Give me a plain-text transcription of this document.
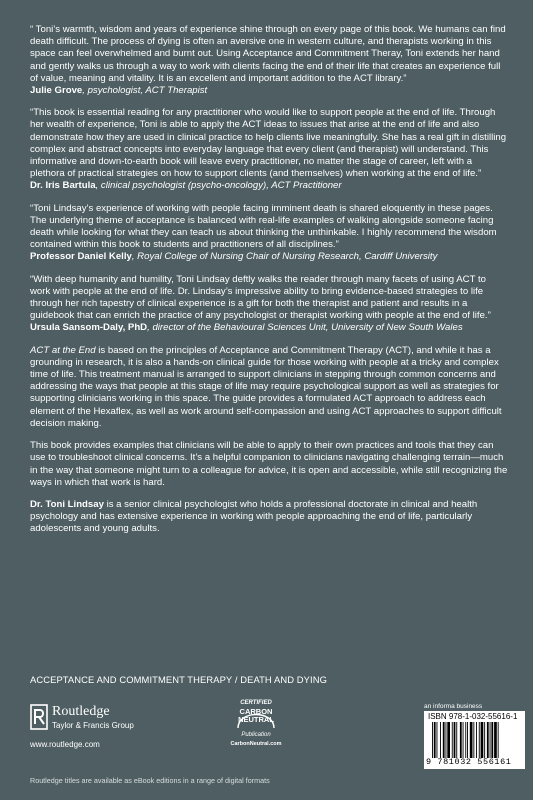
“ Toni’s warmth, wisdom and years of experience shine through on every page of this book. We humans can find death difficult. The process of dying is often an aversive one in western culture, and therapists working in this space can feel overwhelmed and burnt out. Using Acceptance and Commitment Theray, Toni extends her hand and gently walks us through a way to work with clients facing the end of their life that creates an experience full of value, meaning and vitality. It is an excellent and important addition to the ACT library.”
Julie Grove, psychologist, ACT Therapist
“This book is essential reading for any practitioner who would like to support people at the end of life. Through her wealth of experience, Toni is able to apply the ACT ideas to issues that arise at the end of life and also demonstrate how they are used in clinical practice to help clients live meaningfully. She has a real gift in distilling complex and abstract concepts into everyday language that every client (and therapist) will understand. This informative and down-to-earth book will leave every practitioner, no matter the stage of career, left with a plethora of practical strategies on how to support clients (and themselves) when working at the end of life.”
Dr. Iris Bartula, clinical psychologist (psycho-oncology), ACT Practitioner
“Toni Lindsay’s experience of working with people facing imminent death is shared eloquently in these pages. The underlying theme of acceptance is balanced with real-life examples of walking alongside someone facing death while looking for what they can teach us about thinking the unthinkable. I highly recommend the wisdom contained within this book to students and practitioners of all disciplines.”
Professor Daniel Kelly, Royal College of Nursing Chair of Nursing Research, Cardiff University
“With deep humanity and humility, Toni Lindsay deftly walks the reader through many facets of using ACT to work with people at the end of life. Dr. Lindsay’s impressive ability to bring evidence-based strategies to life through her rich tapestry of clinical experience is a gift for both the therapist and patient and results in a guidebook that can enrich the practice of any psychologist or therapist working with people at the end of life.”
Ursula Sansom-Daly, PhD, director of the Behavioural Sciences Unit, University of New South Wales

ACT at the End is based on the principles of Acceptance and Commitment Therapy (ACT), and while it has a grounding in research, it is also a hands-on clinical guide for those working with people at a tricky and complex time of life. This treatment manual is arranged to support clinicians in stepping through common concerns and addressing the ways that people at this stage of life may require psychological support as well as strategies for supporting clinicians working in this space. The guide provides a formulated ACT approach to address each element of the Hexaflex, as well as work around self-compassion and using ACT approaches to support difficult decision making.

This book provides examples that clinicians will be able to apply to their own practices and tools that they can use to troubleshoot clinical concerns. It’s a helpful companion to clinicians navigating challenging terrain—much in the way that someone might turn to a colleague for advice, it is open and accessible, while still recognizing the ways in which that work is hard.

Dr. Toni Lindsay is a senior clinical psychologist who holds a professional doctorate in clinical and health psychology and has extensive experience in working with people approaching the end of life, particularly adolescents and young adults.

ACCEPTANCE AND COMMITMENT THERAPY / DEATH AND DYING
Routledge
Taylor & Francis Group
www.routledge.com
CERTIFIED
CARBON
NEUTRAL
Publication
CarbonNeutral.com
an informa business
ISBN 978-1-032-55616-1
9 781032 556161
Routledge titles are available as eBook editions in a range of digital formats
